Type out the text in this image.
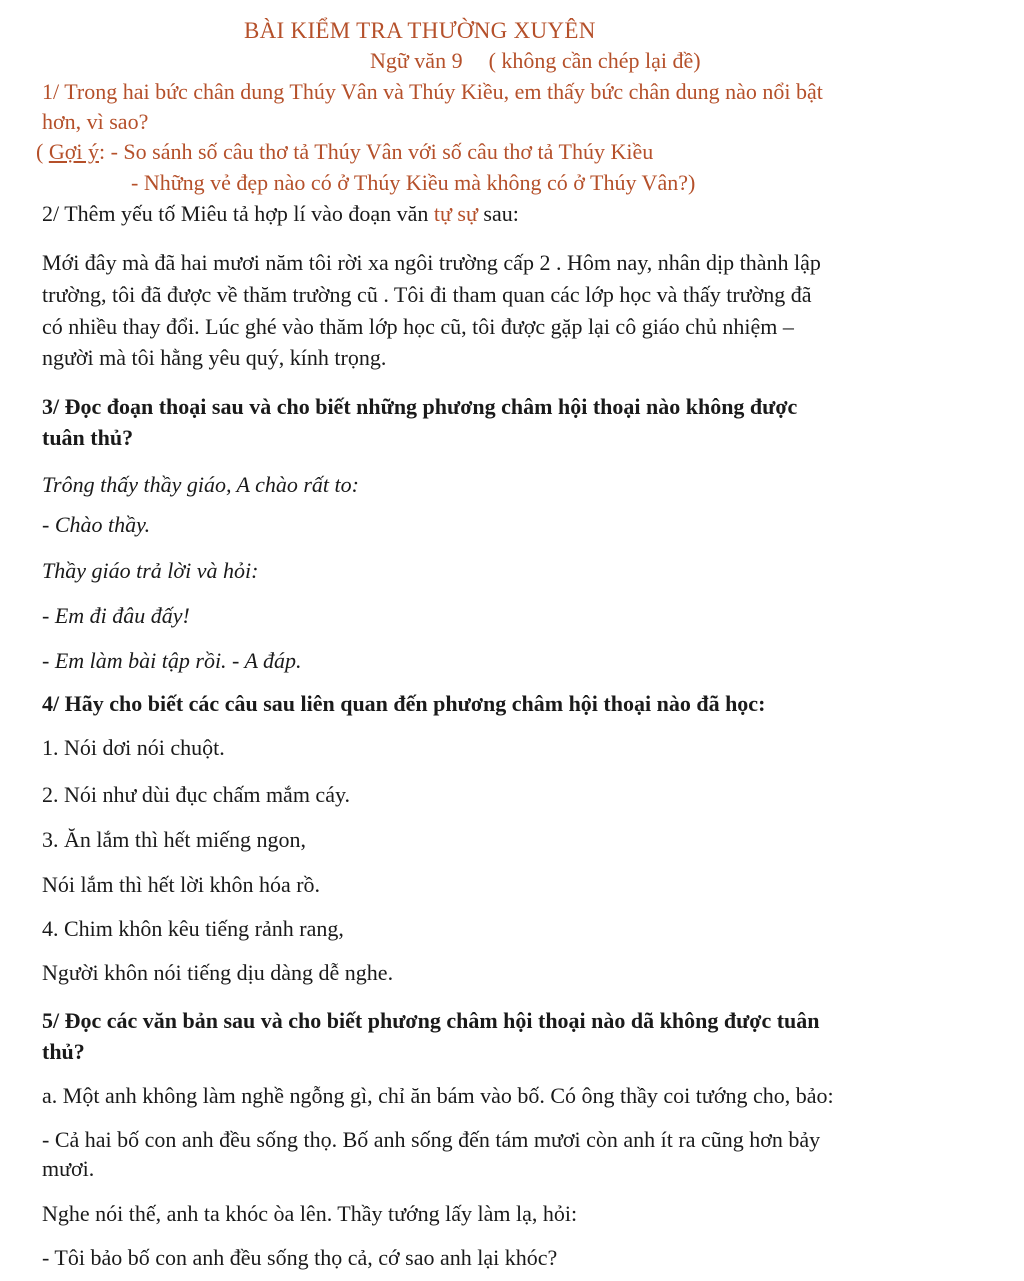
BÀI KIỂM TRA THƯỜNG XUYÊN
Ngữ văn 9 ( không cần chép lại đề)
1/ Trong hai bức chân dung Thúy Vân và Thúy Kiều, em thấy bức chân dung nào nổi bật
hơn, vì sao?
( Gợi ý: - So sánh số câu thơ tả Thúy Vân với số câu thơ tả Thúy Kiều
- Những vẻ đẹp nào có ở Thúy Kiều mà không có ở Thúy Vân?)
2/ Thêm yếu tố Miêu tả hợp lí vào đoạn văn tự sự sau:
Mới đây mà đã hai mươi năm tôi rời xa ngôi trường cấp 2 . Hôm nay, nhân dịp thành lập
trường, tôi đã được về thăm trường cũ . Tôi đi tham quan các lớp học và thấy trường đã
có nhiều thay đổi. Lúc ghé vào thăm lớp học cũ, tôi được gặp lại cô giáo chủ nhiệm –
người mà tôi hằng yêu quý, kính trọng.
3/ Đọc đoạn thoại sau và cho biết những phương châm hội thoại nào không được
tuân thủ?
Trông thấy thầy giáo, A chào rất to:
- Chào thầy.
Thầy giáo trả lời và hỏi:
- Em đi đâu đấy!
- Em làm bài tập rồi. - A đáp.
4/ Hãy cho biết các câu sau liên quan đến phương châm hội thoại nào đã học:
1. Nói dơi nói chuột.
2. Nói như dùi đục chấm mắm cáy.
3. Ăn lắm thì hết miếng ngon,
Nói lắm thì hết lời khôn hóa rồ.
4. Chim khôn kêu tiếng rảnh rang,
Người khôn nói tiếng dịu dàng dễ nghe.
5/ Đọc các văn bản sau và cho biết phương châm hội thoại nào dã không được tuân
thủ?
a. Một anh không làm nghề ngỗng gì, chỉ ăn bám vào bố. Có ông thầy coi tướng cho, bảo:
- Cả hai bố con anh đều sống thọ. Bố anh sống đến tám mươi còn anh ít ra cũng hơn bảy
mươi.
Nghe nói thế, anh ta khóc òa lên. Thầy tướng lấy làm lạ, hỏi:
- Tôi bảo bố con anh đều sống thọ cả, cớ sao anh lại khóc?
